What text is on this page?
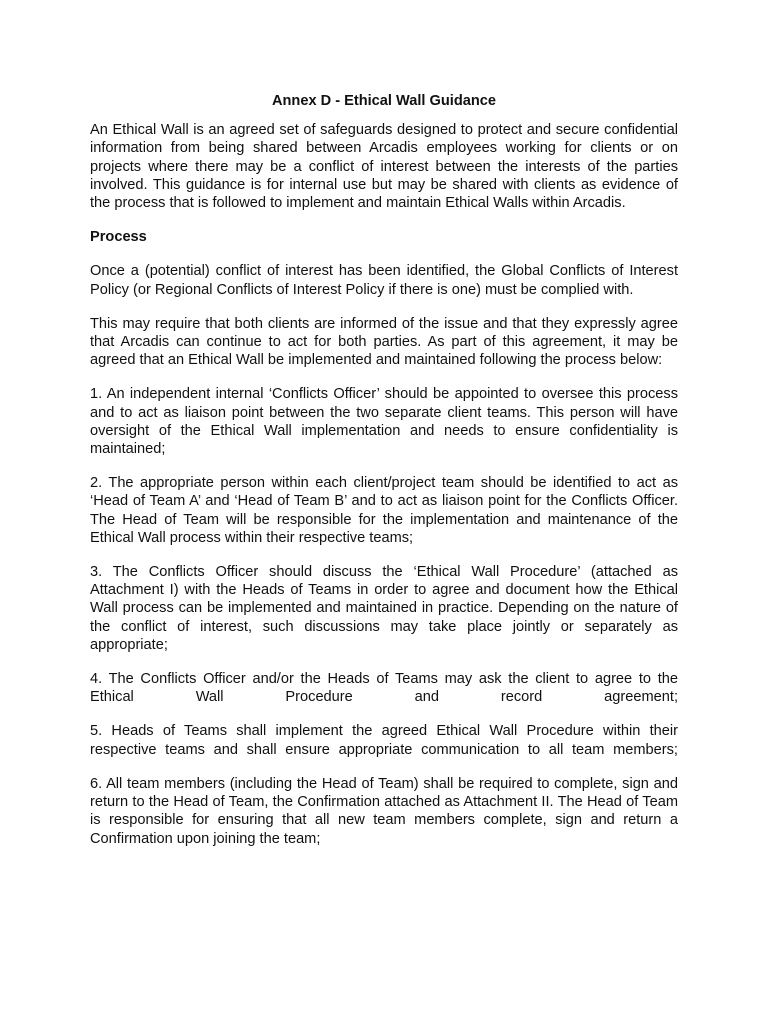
Annex D - Ethical Wall Guidance

An Ethical Wall is an agreed set of safeguards designed to protect and secure confidential information from being shared between Arcadis employees working for clients or on projects where there may be a conflict of interest between the interests of the parties involved. This guidance is for internal use but may be shared with clients as evidence of the process that is followed to implement and maintain Ethical Walls within Arcadis.

Process

Once a (potential) conflict of interest has been identified, the Global Conflicts of Interest Policy (or Regional Conflicts of Interest Policy if there is one) must be complied with.

This may require that both clients are informed of the issue and that they expressly agree that Arcadis can continue to act for both parties. As part of this agreement, it may be agreed that an Ethical Wall be implemented and maintained following the process below:

1. An independent internal ‘Conflicts Officer’ should be appointed to oversee this process and to act as liaison point between the two separate client teams. This person will have oversight of the Ethical Wall implementation and needs to ensure confidentiality is maintained;

2. The appropriate person within each client/project team should be identified to act as ‘Head of Team A’ and ‘Head of Team B’ and to act as liaison point for the Conflicts Officer. The Head of Team will be responsible for the implementation and maintenance of the Ethical Wall process within their respective teams;

3. The Conflicts Officer should discuss the ‘Ethical Wall Procedure’ (attached as Attachment I) with the Heads of Teams in order to agree and document how the Ethical Wall process can be implemented and maintained in practice. Depending on the nature of the conflict of interest, such discussions may take place jointly or separately as appropriate;

4. The Conflicts Officer and/or the Heads of Teams may ask the client to agree to the Ethical Wall Procedure and record agreement;

5. Heads of Teams shall implement the agreed Ethical Wall Procedure within their respective teams and shall ensure appropriate communication to all team members;

6. All team members (including the Head of Team) shall be required to complete, sign and return to the Head of Team, the Confirmation attached as Attachment II. The Head of Team is responsible for ensuring that all new team members complete, sign and return a Confirmation upon joining the team;
